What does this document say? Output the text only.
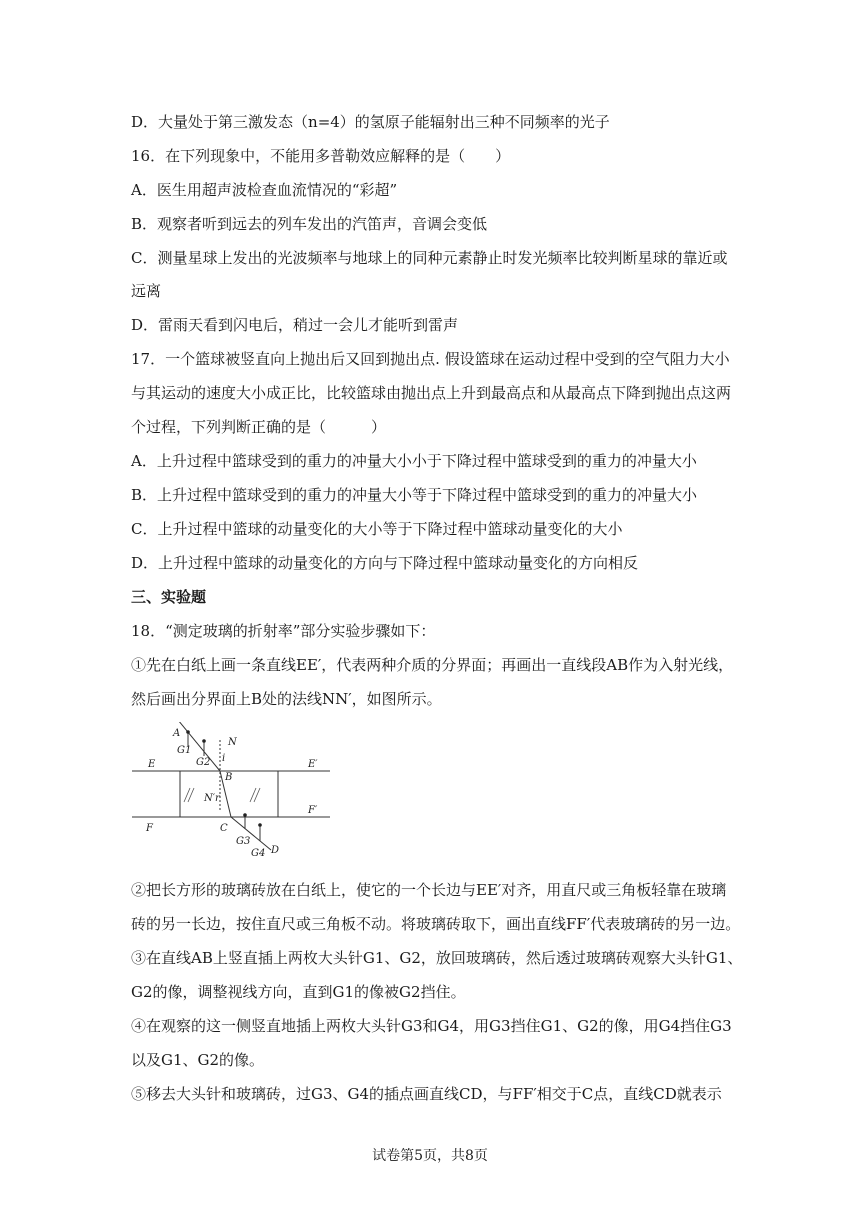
D．大量处于第三激发态（n=4）的氢原子能辐射出三种不同频率的光子
16．在下列现象中，不能用多普勒效应解释的是（　　）
A．医生用超声波检查血流情况的“彩超”
B．观察者听到远去的列车发出的汽笛声，音调会变低
C．测量星球上发出的光波频率与地球上的同种元素静止时发光频率比较判断星球的靠近或
远离
D．雷雨天看到闪电后，稍过一会儿才能听到雷声
17．一个篮球被竖直向上抛出后又回到抛出点. 假设篮球在运动过程中受到的空气阻力大小
与其运动的速度大小成正比，比较篮球由抛出点上升到最高点和从最高点下降到抛出点这两
个过程，下列判断正确的是（　　　）
A．上升过程中篮球受到的重力的冲量大小小于下降过程中篮球受到的重力的冲量大小
B．上升过程中篮球受到的重力的冲量大小等于下降过程中篮球受到的重力的冲量大小
C．上升过程中篮球的动量变化的大小等于下降过程中篮球动量变化的大小
D．上升过程中篮球的动量变化的方向与下降过程中篮球动量变化的方向相反
三、实验题
18．“测定玻璃的折射率”部分实验步骤如下：
①先在白纸上画一条直线EE′，代表两种介质的分界面；再画出一直线段AB作为入射光线，
然后画出分界面上B处的法线NN′，如图所示。
A
N
G1
G2 i
E
B
E′
N′r
F′
F	C
G3
G4 D
②把长方形的玻璃砖放在白纸上，使它的一个长边与EE′对齐，用直尺或三角板轻靠在玻璃
砖的另一长边，按住直尺或三角板不动。将玻璃砖取下，画出直线FF′代表玻璃砖的另一边。
③在直线AB上竖直插上两枚大头针G1、G2，放回玻璃砖，然后透过玻璃砖观察大头针G1、
G2的像，调整视线方向，直到G1的像被G2挡住。
④在观察的这一侧竖直地插上两枚大头针G3和G4，用G3挡住G1、G2的像，用G4挡住G3
以及G1、G2的像。
⑤移去大头针和玻璃砖，过G3、G4的插点画直线CD，与FF′相交于C点，直线CD就表示
试卷第5页，共8页
